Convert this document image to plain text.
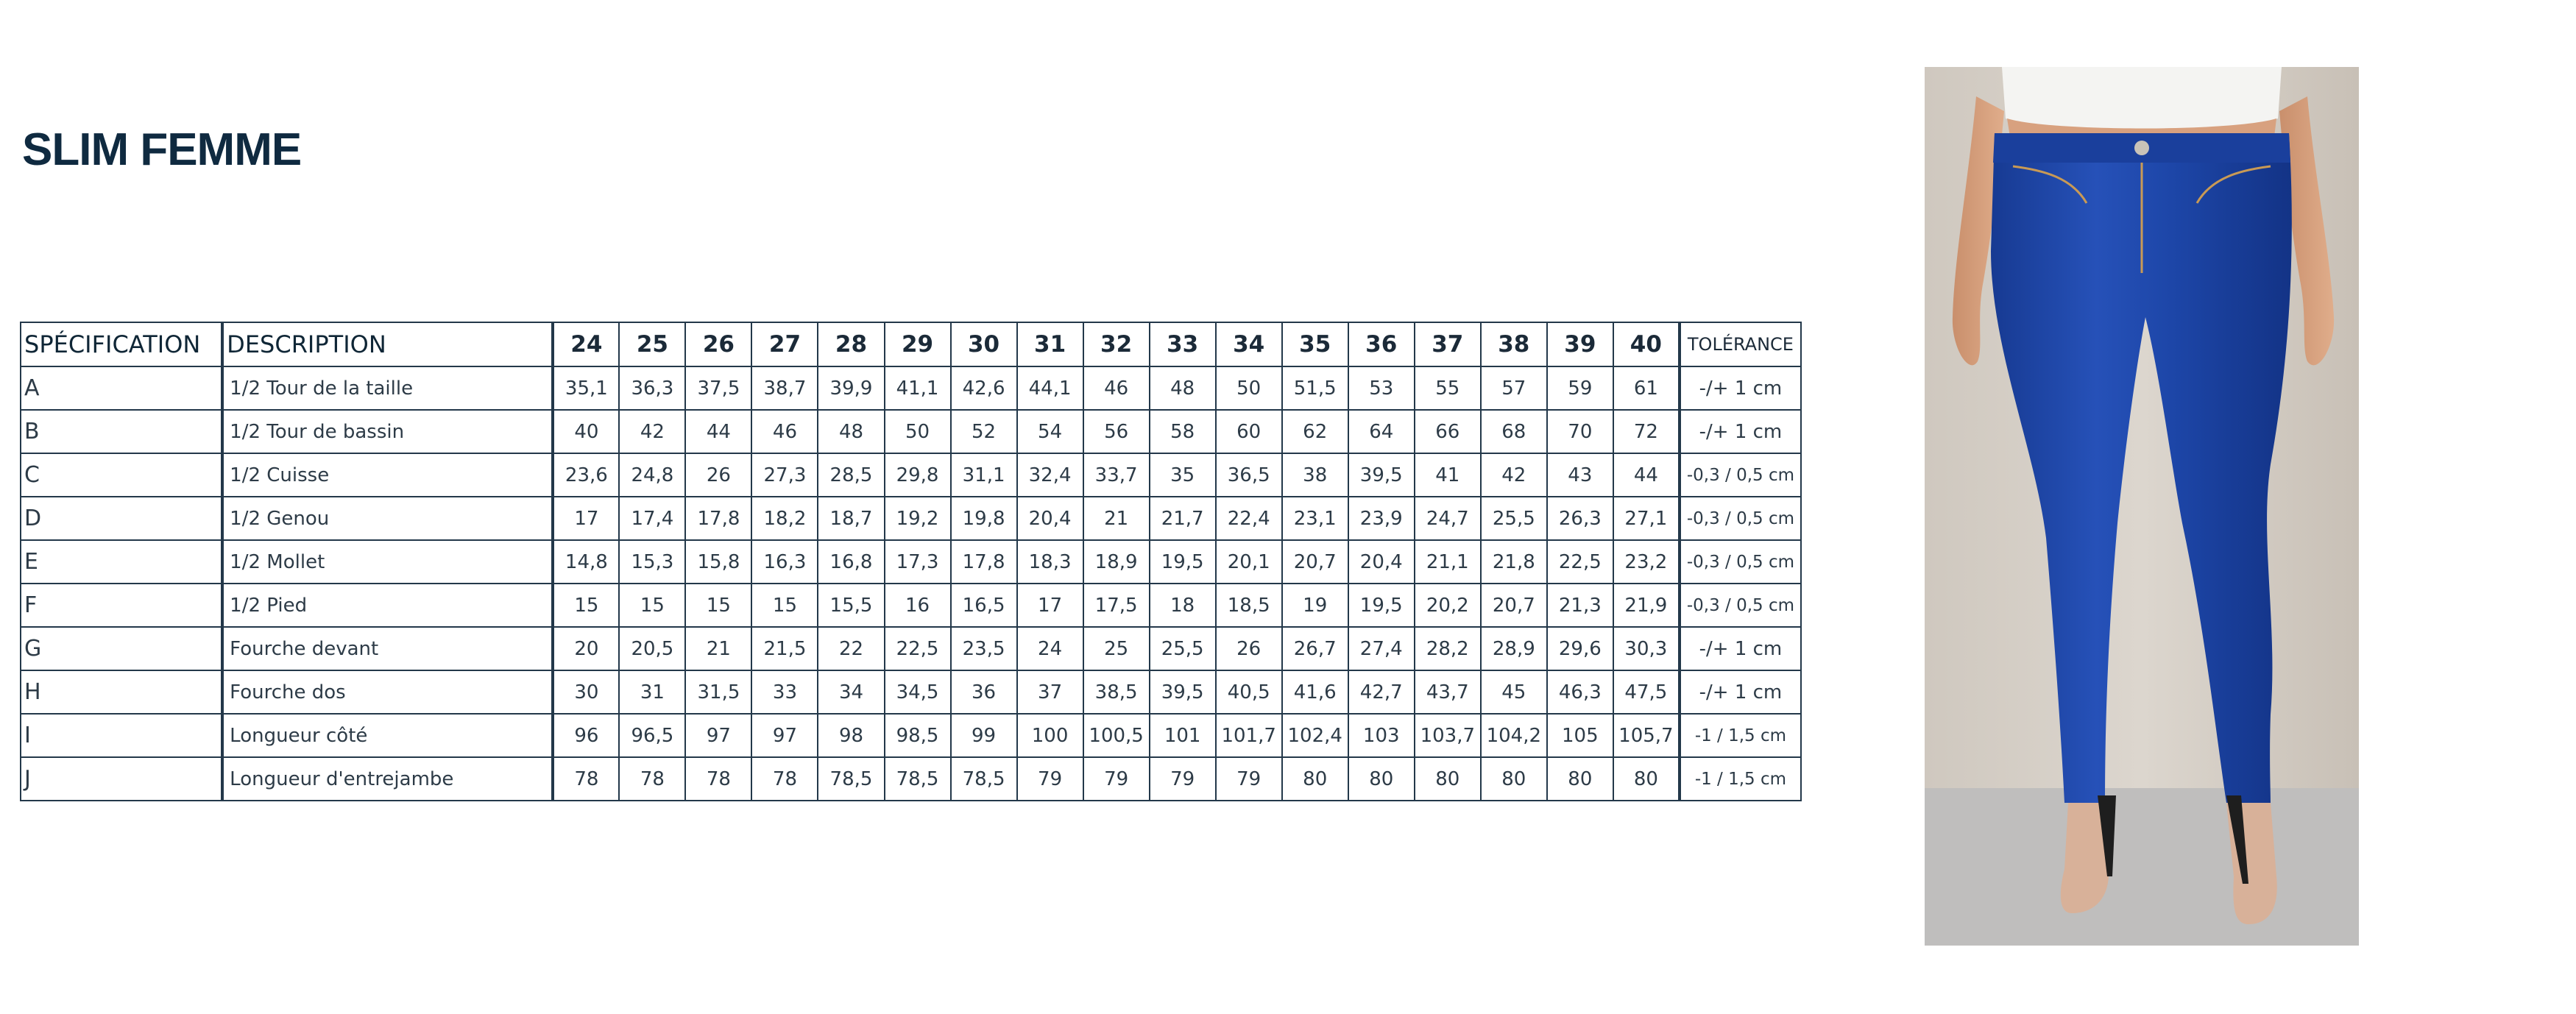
SLIM FEMME
SPÉCIFICATION	DESCRIPTION	24	25	26	27	28	29	30	31	32	33	34	35	36	37	38	39	40	TOLÉRANCE
A	1/2 Tour de la taille	35,1	36,3	37,5	38,7	39,9	41,1	42,6	44,1	46	48	50	51,5	53	55	57	59	61	-/+ 1 cm
B	1/2 Tour de bassin	40	42	44	46	48	50	52	54	56	58	60	62	64	66	68	70	72	-/+ 1 cm
C	1/2 Cuisse	23,6	24,8	26	27,3	28,5	29,8	31,1	32,4	33,7	35	36,5	38	39,5	41	42	43	44	-0,3 / 0,5 cm
D	1/2 Genou	17	17,4	17,8	18,2	18,7	19,2	19,8	20,4	21	21,7	22,4	23,1	23,9	24,7	25,5	26,3	27,1	-0,3 / 0,5 cm
E	1/2 Mollet	14,8	15,3	15,8	16,3	16,8	17,3	17,8	18,3	18,9	19,5	20,1	20,7	20,4	21,1	21,8	22,5	23,2	-0,3 / 0,5 cm
F	1/2 Pied	15	15	15	15	15,5	16	16,5	17	17,5	18	18,5	19	19,5	20,2	20,7	21,3	21,9	-0,3 / 0,5 cm
G	Fourche devant	20	20,5	21	21,5	22	22,5	23,5	24	25	25,5	26	26,7	27,4	28,2	28,9	29,6	30,3	-/+ 1 cm
H	Fourche dos	30	31	31,5	33	34	34,5	36	37	38,5	39,5	40,5	41,6	42,7	43,7	45	46,3	47,5	-/+ 1 cm
I	Longueur côté	96	96,5	97	97	98	98,5	99	100	100,5	101	101,7	102,4	103	103,7	104,2	105	105,7	-1 / 1,5 cm
J	Longueur d'entrejambe	78	78	78	78	78,5	78,5	78,5	79	79	79	79	80	80	80	80	80	80	-1 / 1,5 cm
